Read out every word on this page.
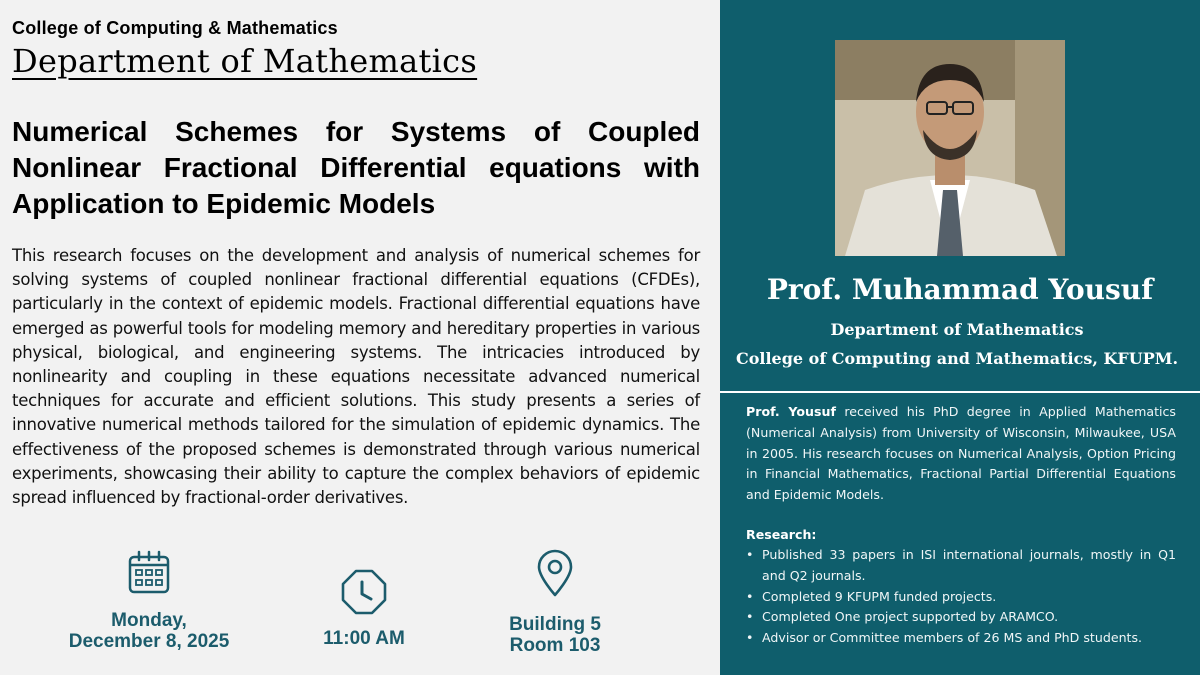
College of Computing & Mathematics
Department of Mathematics
Numerical Schemes for Systems of Coupled Nonlinear Fractional Differential equations with Application to Epidemic Models
This research focuses on the development and analysis of numerical schemes for solving systems of coupled nonlinear fractional differential equations (CFDEs), particularly in the context of epidemic models. Fractional differential equations have emerged as powerful tools for modeling memory and hereditary properties in various physical, biological, and engineering systems. The intricacies introduced by nonlinearity and coupling in these equations necessitate advanced numerical techniques for accurate and efficient solutions. This study presents a series of innovative numerical methods tailored for the simulation of epidemic dynamics. The effectiveness of the proposed schemes is demonstrated through various numerical experiments, showcasing their ability to capture the complex behaviors of epidemic spread influenced by fractional-order derivatives.
Monday,
December 8, 2025	11:00 AM
Building 5
Room 103
Prof. Muhammad Yousuf
Department of Mathematics
College of Computing and Mathematics, KFUPM.
Prof. Yousuf received his PhD degree in Applied Mathematics (Numerical Analysis) from University of Wisconsin, Milwaukee, USA in 2005. His research focuses on Numerical Analysis, Option Pricing in Financial Mathematics, Fractional Partial Differential Equations and Epidemic Models.
Research:
• Published 33 papers in ISI international journals, mostly in Q1 and Q2 journals.
• Completed 9 KFUPM funded projects.
• Completed One project supported by ARAMCO.
• Advisor or Committee members of 26 MS and PhD students.
